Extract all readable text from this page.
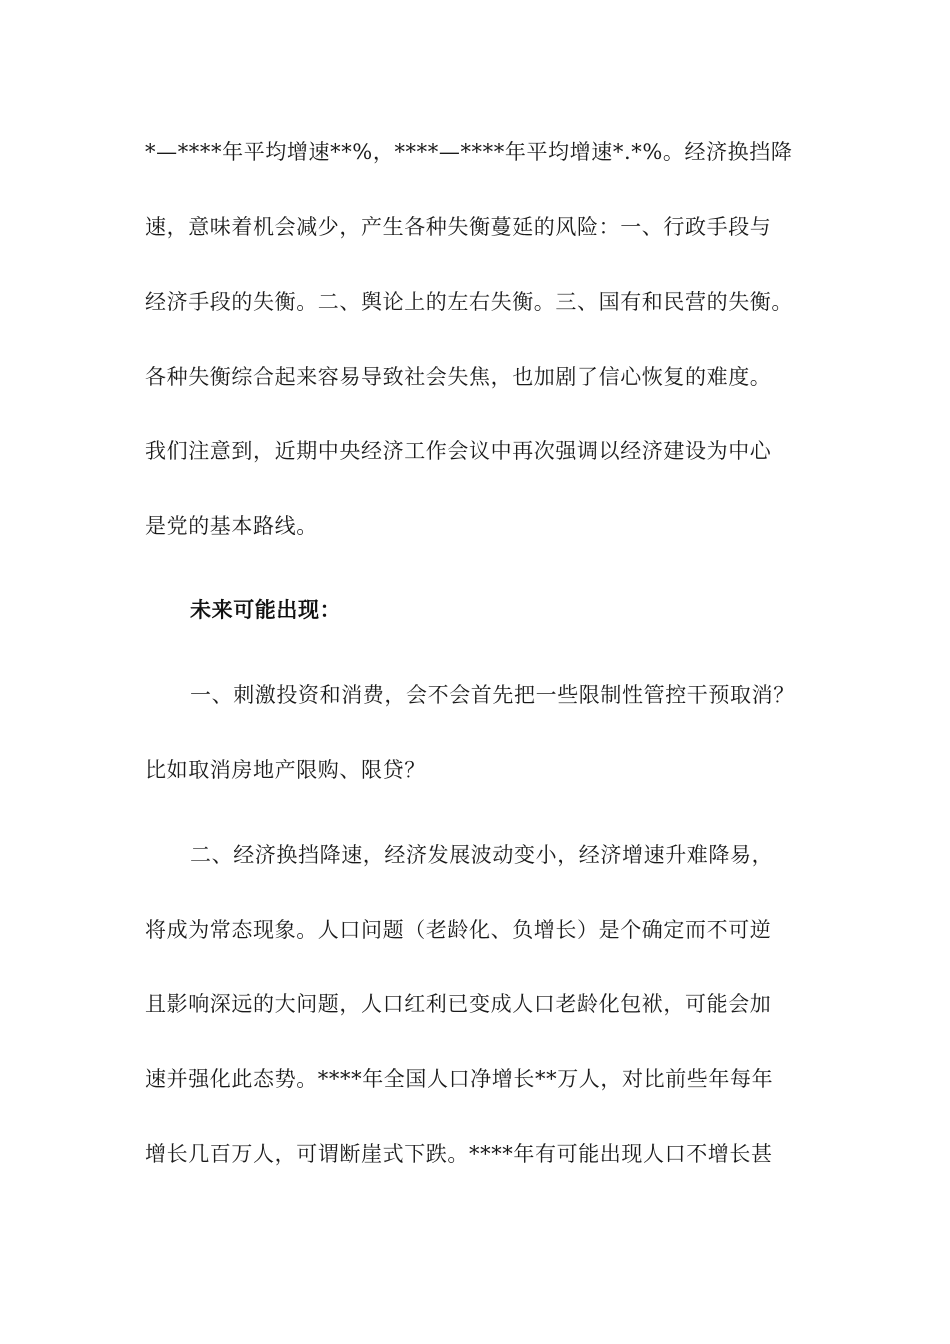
*—****年平均增速**%，****—****年平均增速*.*%。经济换挡降
速，意味着机会减少，产生各种失衡蔓延的风险：一、行政手段与
经济手段的失衡。二、舆论上的左右失衡。三、国有和民营的失衡。
各种失衡综合起来容易导致社会失焦，也加剧了信心恢复的难度。
我们注意到，近期中央经济工作会议中再次强调以经济建设为中心
是党的基本路线。
未来可能出现：
一、刺激投资和消费，会不会首先把一些限制性管控干预取消？
比如取消房地产限购、限贷？
二、经济换挡降速，经济发展波动变小，经济增速升难降易，
将成为常态现象。人口问题（老龄化、负增长）是个确定而不可逆
且影响深远的大问题，人口红利已变成人口老龄化包袱，可能会加
速并强化此态势。****年全国人口净增长**万人，对比前些年每年
增长几百万人，可谓断崖式下跌。****年有可能出现人口不增长甚
